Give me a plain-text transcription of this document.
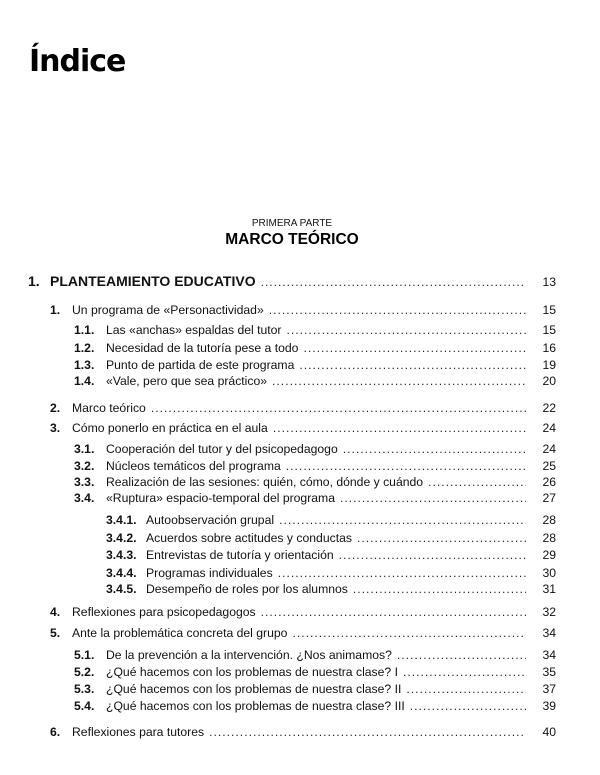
Índice
PRIMERA PARTE
MARCO TEÓRICO
1. PLANTEAMIENTO EDUCATIVO .....	13
1. Un programa de «Personactividad» .....	15
1.1. Las «anchas» espaldas del tutor .....	15
1.2. Necesidad de la tutoría pese a todo .....	16
1.3. Punto de partida de este programa .....	19
1.4. «Vale, pero que sea práctico» .....	20
2. Marco teórico .....	22
3. Cómo ponerlo en práctica en el aula .....	24
3.1. Cooperación del tutor y del psicopedagogo .....	24
3.2. Núcleos temáticos del programa .....	25
3.3. Realización de las sesiones: quién, cómo, dónde y cuándo .....	26
3.4. «Ruptura» espacio-temporal del programa .....	27
3.4.1. Autoobservación grupal .....	28
3.4.2. Acuerdos sobre actitudes y conductas .....	28
3.4.3. Entrevistas de tutoría y orientación .....	29
3.4.4. Programas individuales .....	30
3.4.5. Desempeño de roles por los alumnos .....	31
4. Reflexiones para psicopedagogos .....	32
5. Ante la problemática concreta del grupo .....	34
5.1. De la prevención a la intervención. ¿Nos animamos? .....	34
5.2. ¿Qué hacemos con los problemas de nuestra clase? I .....	35
5.3. ¿Qué hacemos con los problemas de nuestra clase? II .....	37
5.4. ¿Qué hacemos con los problemas de nuestra clase? III .....	39
6. Reflexiones para tutores .....	40
